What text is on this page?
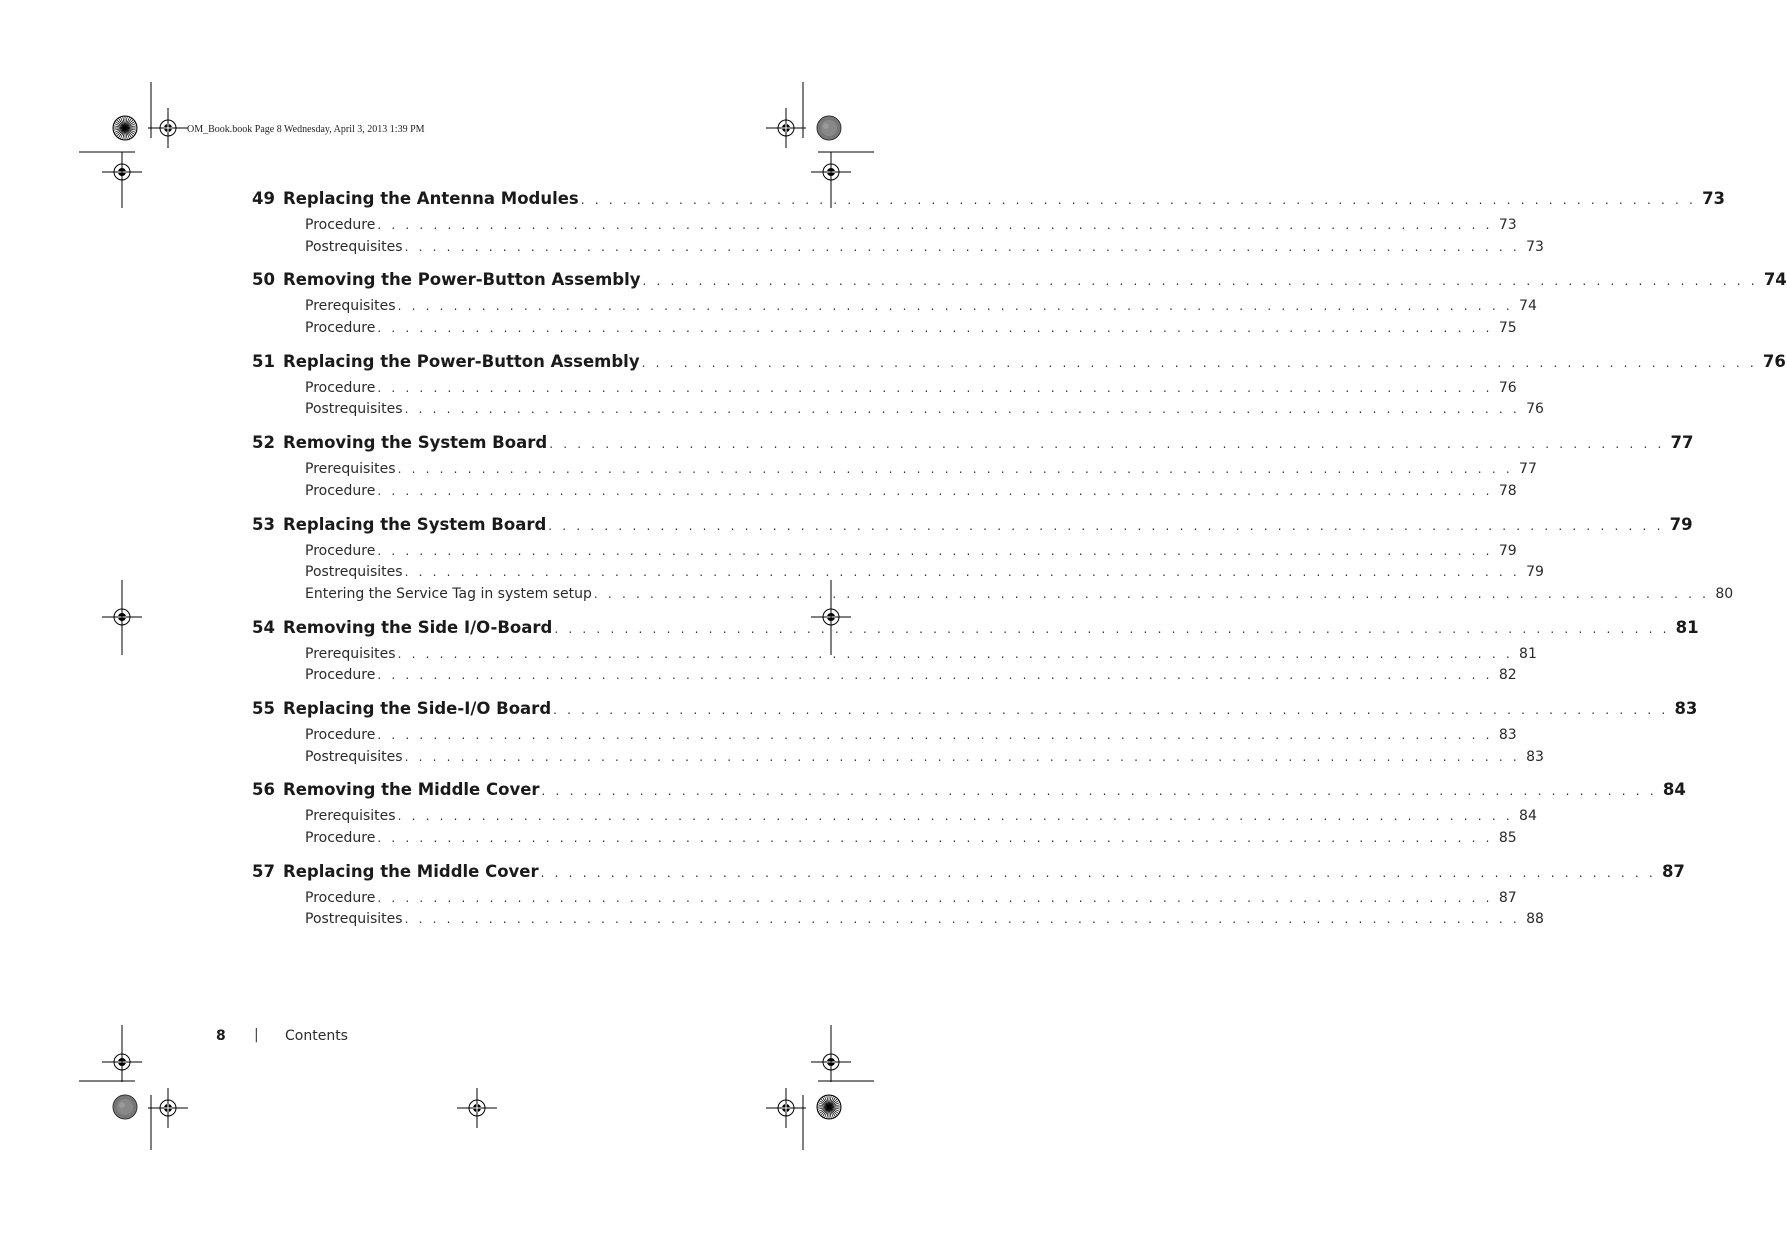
OM_Book.book Page 8 Wednesday, April 3, 2013 1:39 PM
49 Replacing the Antenna Modules . . . . . . . . . . . . . . . . . . . . . . . . . . . . . . . . . . . . . . . . . . . . . . . . . . . . . . . . . . . . . . . . . . . . . . . . . . . . . . . . 73
Procedure . . . . . . . . . . . . . . . . . . . . . . . . . . . . . . . . . . . . . . . . . . . . . . . . . . . . . . . . . . . . . . . . . . . . . . . . . . . . . . . . 73
Postrequisites . . . . . . . . . . . . . . . . . . . . . . . . . . . . . . . . . . . . . . . . . . . . . . . . . . . . . . . . . . . . . . . . . . . . . . . . . . . . . . . . 73
50 Removing the Power-Button Assembly . . . . . . . . . . . . . . . . . . . . . . . . . . . . . . . . . . . . . . . . . . . . . . . . . . . . . . . . . . . . . . . . . . . . . . . . . . . . . . . . 74
Prerequisites . . . . . . . . . . . . . . . . . . . . . . . . . . . . . . . . . . . . . . . . . . . . . . . . . . . . . . . . . . . . . . . . . . . . . . . . . . . . . . . . 74
Procedure . . . . . . . . . . . . . . . . . . . . . . . . . . . . . . . . . . . . . . . . . . . . . . . . . . . . . . . . . . . . . . . . . . . . . . . . . . . . . . . . 75
51 Replacing the Power-Button Assembly . . . . . . . . . . . . . . . . . . . . . . . . . . . . . . . . . . . . . . . . . . . . . . . . . . . . . . . . . . . . . . . . . . . . . . . . . . . . . . . . 76
Procedure . . . . . . . . . . . . . . . . . . . . . . . . . . . . . . . . . . . . . . . . . . . . . . . . . . . . . . . . . . . . . . . . . . . . . . . . . . . . . . . . 76
Postrequisites . . . . . . . . . . . . . . . . . . . . . . . . . . . . . . . . . . . . . . . . . . . . . . . . . . . . . . . . . . . . . . . . . . . . . . . . . . . . . . . . 76
52 Removing the System Board . . . . . . . . . . . . . . . . . . . . . . . . . . . . . . . . . . . . . . . . . . . . . . . . . . . . . . . . . . . . . . . . . . . . . . . . . . . . . . . . 77
Prerequisites . . . . . . . . . . . . . . . . . . . . . . . . . . . . . . . . . . . . . . . . . . . . . . . . . . . . . . . . . . . . . . . . . . . . . . . . . . . . . . . . 77
Procedure . . . . . . . . . . . . . . . . . . . . . . . . . . . . . . . . . . . . . . . . . . . . . . . . . . . . . . . . . . . . . . . . . . . . . . . . . . . . . . . . 78
53 Replacing the System Board . . . . . . . . . . . . . . . . . . . . . . . . . . . . . . . . . . . . . . . . . . . . . . . . . . . . . . . . . . . . . . . . . . . . . . . . . . . . . . . . 79
Procedure . . . . . . . . . . . . . . . . . . . . . . . . . . . . . . . . . . . . . . . . . . . . . . . . . . . . . . . . . . . . . . . . . . . . . . . . . . . . . . . . 79
Postrequisites . . . . . . . . . . . . . . . . . . . . . . . . . . . . . . . . . . . . . . . . . . . . . . . . . . . . . . . . . . . . . . . . . . . . . . . . . . . . . . . . 79
Entering the Service Tag in system setup . . . . . . . . . . . . . . . . . . . . . . . . . . . . . . . . . . . . . . . . . . . . . . . . . . . . . . . . . . . . . . . . . . . . . . . . . . . . . . . . 80
54 Removing the Side I/O-Board . . . . . . . . . . . . . . . . . . . . . . . . . . . . . . . . . . . . . . . . . . . . . . . . . . . . . . . . . . . . . . . . . . . . . . . . . . . . . . . . 81
Prerequisites . . . . . . . . . . . . . . . . . . . . . . . . . . . . . . . . . . . . . . . . . . . . . . . . . . . . . . . . . . . . . . . . . . . . . . . . . . . . . . . . 81
Procedure . . . . . . . . . . . . . . . . . . . . . . . . . . . . . . . . . . . . . . . . . . . . . . . . . . . . . . . . . . . . . . . . . . . . . . . . . . . . . . . . 82
55 Replacing the Side-I/O Board . . . . . . . . . . . . . . . . . . . . . . . . . . . . . . . . . . . . . . . . . . . . . . . . . . . . . . . . . . . . . . . . . . . . . . . . . . . . . . . . 83
Procedure . . . . . . . . . . . . . . . . . . . . . . . . . . . . . . . . . . . . . . . . . . . . . . . . . . . . . . . . . . . . . . . . . . . . . . . . . . . . . . . . 83
Postrequisites . . . . . . . . . . . . . . . . . . . . . . . . . . . . . . . . . . . . . . . . . . . . . . . . . . . . . . . . . . . . . . . . . . . . . . . . . . . . . . . . 83
56 Removing the Middle Cover . . . . . . . . . . . . . . . . . . . . . . . . . . . . . . . . . . . . . . . . . . . . . . . . . . . . . . . . . . . . . . . . . . . . . . . . . . . . . . . . 84
Prerequisites . . . . . . . . . . . . . . . . . . . . . . . . . . . . . . . . . . . . . . . . . . . . . . . . . . . . . . . . . . . . . . . . . . . . . . . . . . . . . . . . 84
Procedure . . . . . . . . . . . . . . . . . . . . . . . . . . . . . . . . . . . . . . . . . . . . . . . . . . . . . . . . . . . . . . . . . . . . . . . . . . . . . . . . 85
57 Replacing the Middle Cover . . . . . . . . . . . . . . . . . . . . . . . . . . . . . . . . . . . . . . . . . . . . . . . . . . . . . . . . . . . . . . . . . . . . . . . . . . . . . . . . 87
Procedure . . . . . . . . . . . . . . . . . . . . . . . . . . . . . . . . . . . . . . . . . . . . . . . . . . . . . . . . . . . . . . . . . . . . . . . . . . . . . . . . 87
Postrequisites . . . . . . . . . . . . . . . . . . . . . . . . . . . . . . . . . . . . . . . . . . . . . . . . . . . . . . . . . . . . . . . . . . . . . . . . . . . . . . . . 88
8 | Contents
